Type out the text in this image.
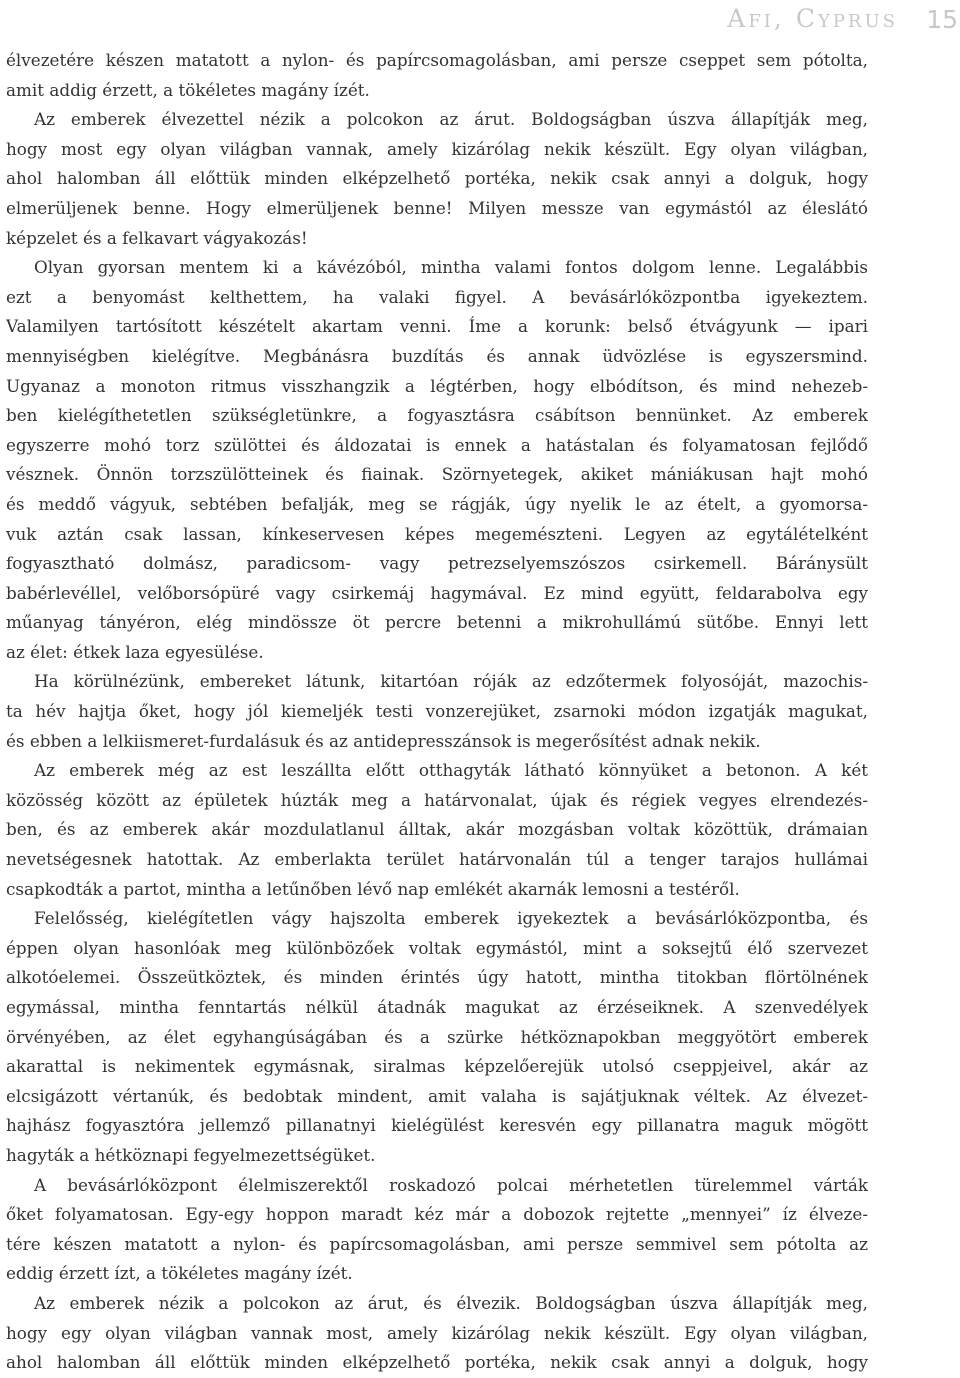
Afi, Cyprus 15
élvezetére készen matatott a nylon- és papírcsomagolásban, ami persze cseppet sem pótolta,
amit addig érzett, a tökéletes magány ízét.
Az emberek élvezettel nézik a polcokon az árut. Boldogságban úszva állapítják meg,
hogy most egy olyan világban vannak, amely kizárólag nekik készült. Egy olyan világban,
ahol halomban áll előttük minden elképzelhető portéka, nekik csak annyi a dolguk, hogy
elmerüljenek benne. Hogy elmerüljenek benne! Milyen messze van egymástól az éleslátó
képzelet és a felkavart vágyakozás!
Olyan gyorsan mentem ki a kávézóból, mintha valami fontos dolgom lenne. Legalábbis
ezt a benyomást kelthettem, ha valaki figyel. A bevásárlóközpontba igyekeztem.
Valamilyen tartósított készételt akartam venni. Íme a korunk: belső étvágyunk — ipari
mennyiségben kielégítve. Megbánásra buzdítás és annak üdvözlése is egyszersmind.
Ugyanaz a monoton ritmus visszhangzik a légtérben, hogy elbódítson, és mind nehezeb-
ben kielégíthetetlen szükségletünkre, a fogyasztásra csábítson bennünket. Az emberek
egyszerre mohó torz szülöttei és áldozatai is ennek a hatástalan és folyamatosan fejlődő
vésznek. Önnön torzszülötteinek és fiainak. Szörnyetegek, akiket mániákusan hajt mohó
és meddő vágyuk, sebtében befalják, meg se rágják, úgy nyelik le az ételt, a gyomorsa-
vuk aztán csak lassan, kínkeservesen képes megemészteni. Legyen az egytálételként
fogyasztható dolmász, paradicsom- vagy petrezselyemszószos csirkemell. Báránysült
babérlevéllel, velőborsópüré vagy csirkemáj hagymával. Ez mind együtt, feldarabolva egy
műanyag tányéron, elég mindössze öt percre betenni a mikrohullámú sütőbe. Ennyi lett
az élet: étkek laza egyesülése.
Ha körülnézünk, embereket látunk, kitartóan róják az edzőtermek folyosóját, mazochis-
ta hév hajtja őket, hogy jól kiemeljék testi vonzerejüket, zsarnoki módon izgatják magukat,
és ebben a lelkiismeret-furdalásuk és az antidepresszánsok is megerősítést adnak nekik.
Az emberek még az est leszállta előtt otthagyták látható könnyüket a betonon. A két
közösség között az épületek húzták meg a határvonalat, újak és régiek vegyes elrendezés-
ben, és az emberek akár mozdulatlanul álltak, akár mozgásban voltak közöttük, drámaian
nevetségesnek hatottak. Az emberlakta terület határvonalán túl a tenger tarajos hullámai
csapkodták a partot, mintha a letűnőben lévő nap emlékét akarnák lemosni a testéről.
Felelősség, kielégítetlen vágy hajszolta emberek igyekeztek a bevásárlóközpontba, és
éppen olyan hasonlóak meg különbözőek voltak egymástól, mint a soksejtű élő szervezet
alkotóelemei. Összeütköztek, és minden érintés úgy hatott, mintha titokban flörtölnének
egymással, mintha fenntartás nélkül átadnák magukat az érzéseiknek. A szenvedélyek
örvényében, az élet egyhangúságában és a szürke hétköznapokban meggyötört emberek
akarattal is nekimentek egymásnak, siralmas képzelőerejük utolsó cseppjeivel, akár az
elcsigázott vértanúk, és bedobtak mindent, amit valaha is sajátjuknak véltek. Az élvezet-
hajhász fogyasztóra jellemző pillanatnyi kielégülést keresvén egy pillanatra maguk mögött
hagyták a hétköznapi fegyelmezettségüket.
A bevásárlóközpont élelmiszerektől roskadozó polcai mérhetetlen türelemmel várták
őket folyamatosan. Egy-egy hoppon maradt kéz már a dobozok rejtette „mennyei” íz élveze-
tére készen matatott a nylon- és papírcsomagolásban, ami persze semmivel sem pótolta az
eddig érzett ízt, a tökéletes magány ízét.
Az emberek nézik a polcokon az árut, és élvezik. Boldogságban úszva állapítják meg,
hogy egy olyan világban vannak most, amely kizárólag nekik készült. Egy olyan világban,
ahol halomban áll előttük minden elképzelhető portéka, nekik csak annyi a dolguk, hogy
